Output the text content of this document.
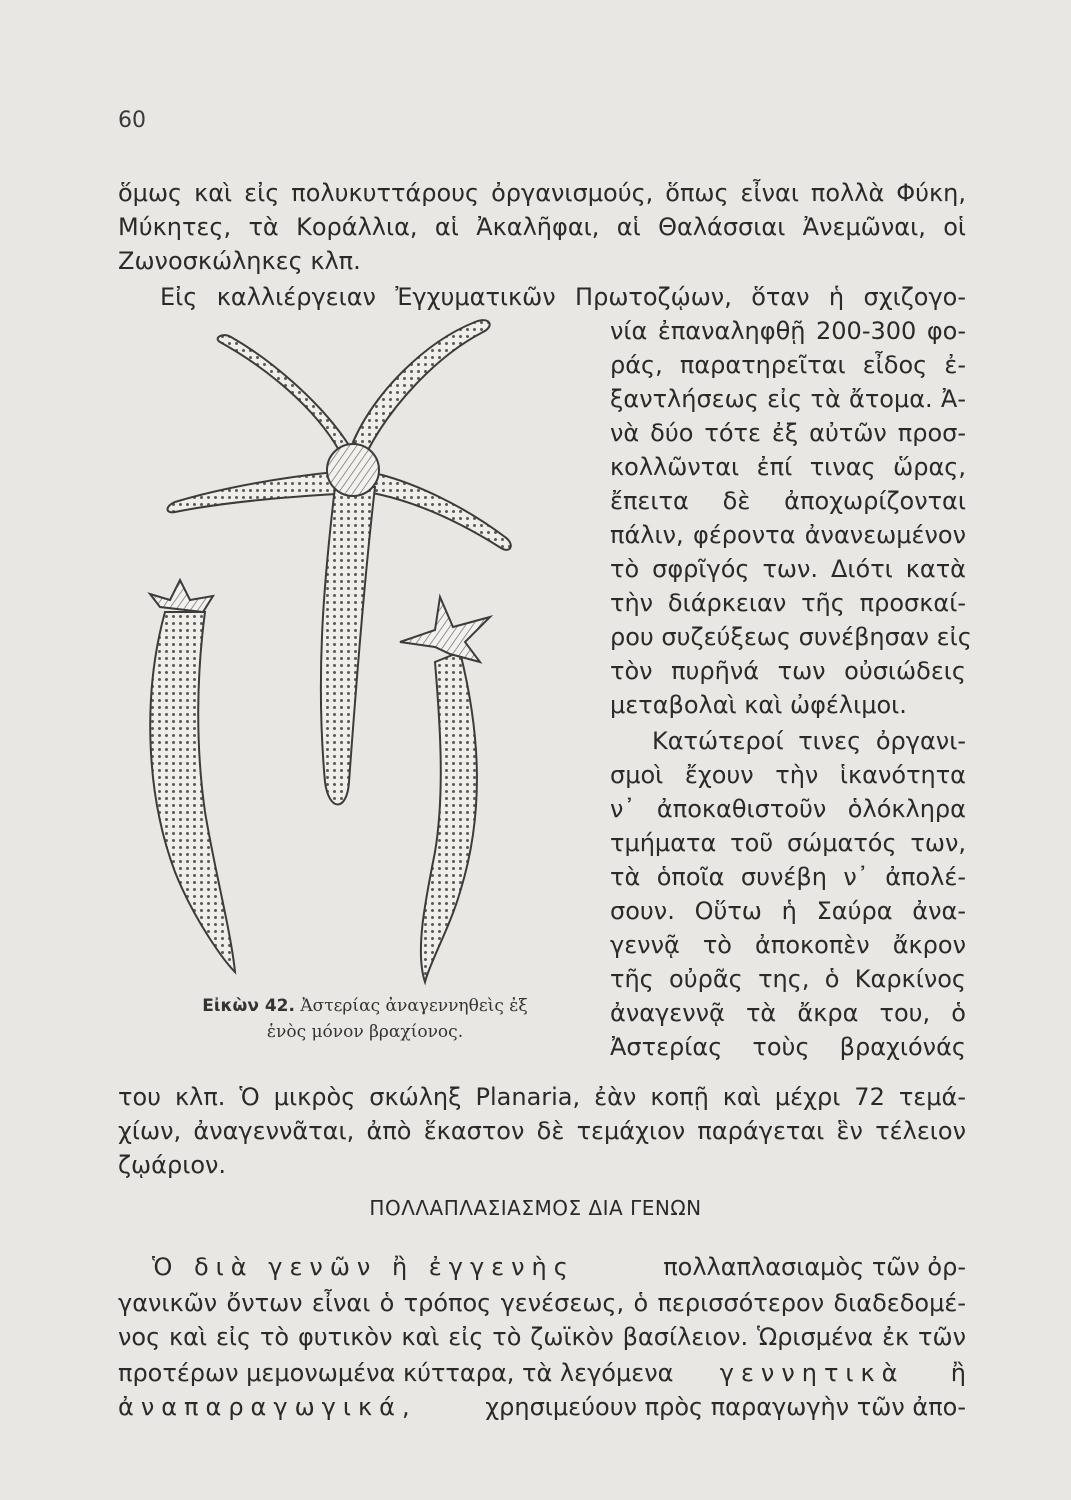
60
ὅμως καὶ εἰς πολυκυττάρους ὀργανισμούς, ὅπως εἶναι πολλὰ Φύκη,
Μύκητες, τὰ Κοράλλια, αἱ Ἀκαλῆφαι, αἱ Θαλάσσιαι Ἀνεμῶναι, οἱ
Ζωνοσκώληκες κλπ.
Εἰς καλλιέργειαν Ἐγχυματικῶν Πρωτοζῴων, ὅταν ἡ σχιζογο-
νία ἐπαναληφθῇ 200-300 φο-
ράς, παρατηρεῖται εἶδος ἐ-
ξαντλήσεως εἰς τὰ ἄτομα. Ἀ-
νὰ δύο τότε ἐξ αὐτῶν προσ-
κολλῶνται ἐπί τινας ὥρας,
ἔπειτα δὲ ἀποχωρίζονται
πάλιν, φέροντα ἀνανεωμένον
τὸ σφρῖγός των. Διότι κατὰ
τὴν διάρκειαν τῆς προσκαί-
ρου συζεύξεως συνέβησαν εἰς
τὸν πυρῆνά των οὐσιώδεις
μεταβολαὶ καὶ ὠφέλιμοι.
Κατώτεροί τινες ὀργανι-
σμοὶ ἔχουν τὴν ἱκανότητα
ν᾽ ἀποκαθιστοῦν ὁλόκληρα
τμήματα τοῦ σώματός των,
τὰ ὁποῖα συνέβη ν᾽ ἀπολέ-
σουν. Οὕτω ἡ Σαύρα ἀνα-
γεννᾷ τὸ ἀποκοπὲν ἄκρον
τῆς οὐρᾶς της, ὁ Καρκίνος
ἀναγεννᾷ τὰ ἄκρα του, ὁ
Ἀστερίας τοὺς βραχιόνάς
Εἰκὼν 42. Ἀστερίας ἀναγεννηθεὶς ἐξ
ἑνὸς μόνον βραχίονος.
του κλπ. Ὁ μικρὸς σκώληξ Planaria, ἐὰν κοπῇ καὶ μέχρι 72 τεμά-
χίων, ἀναγεννᾶται, ἀπὸ ἕκαστον δὲ τεμάχιον παράγεται ἓν τέλειον
ζῳάριον.
ΠΟΛΛΑΠΛΑΣΙΑΣΜΟΣ ΔΙΑ ΓΕΝΩΝ
Ὁ διὰ γενῶν ἢ ἐγγενὴς	πολλαπλασιαμὸς τῶν ὀρ-
γανικῶν ὄντων εἶναι ὁ τρόπος γενέσεως, ὁ περισσότερον διαδεδομέ-
νος καὶ εἰς τὸ φυτικὸν καὶ εἰς τὸ ζωϊκὸν βασίλειον. Ὡρισμένα ἐκ τῶν
προτέρων μεμονωμένα κύτταρα, τὰ λεγόμενα γεννητικὰ ἢ
ἀναπαραγωγικά,	χρησιμεύουν πρὸς παραγωγὴν τῶν ἀπο-
